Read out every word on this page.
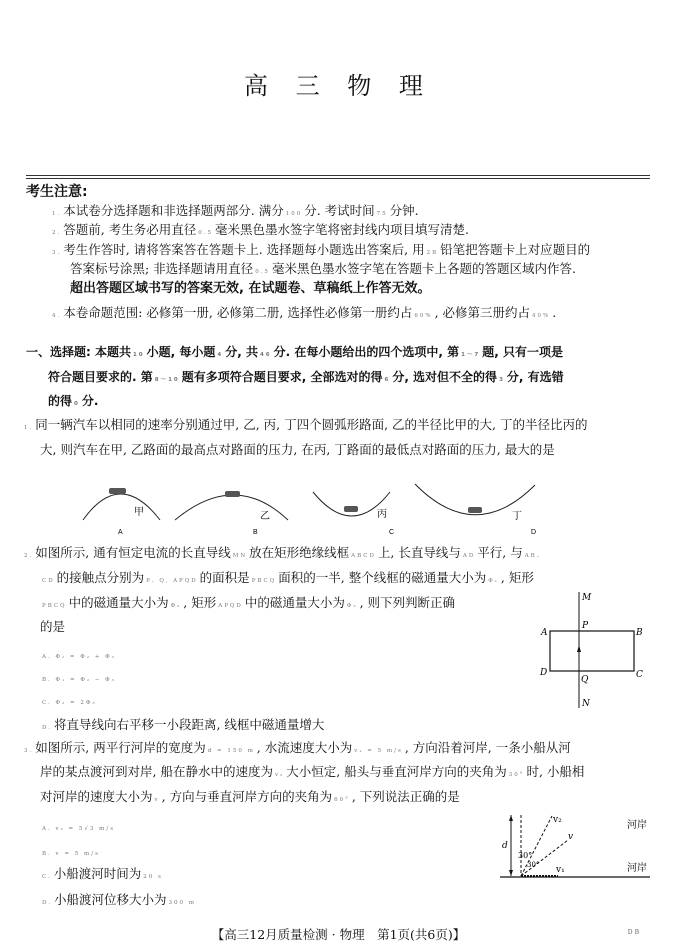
高 三 物 理
考生注意:
1. 本试卷分选择题和非选择题两部分. 满分 100 分. 考试时间 75 分钟.
2. 答题前, 考生务必用直径 0.5 毫米黑色墨水签字笔将密封线内项目填写清楚.
3. 考生作答时, 请将答案答在答题卡上. 选择题每小题选出答案后, 用 2B 铅笔把答题卡上对应题目的
答案标号涂黑; 非选择题请用直径 0.5 毫米黑色墨水签字笔在答题卡上各题的答题区域内作答.
超出答题区域书写的答案无效, 在试题卷、草稿纸上作答无效。
4. 本卷命题范围: 必修第一册, 必修第二册, 选择性必修第一册约占 60% , 必修第三册约占 40% .
一、选择题: 本题共 10 小题, 每小题 4 分, 共 46 分. 在每小题给出的四个选项中, 第 1～7 题, 只有一项是
符合题目要求的. 第 8～10 题有多项符合题目要求, 全部选对的得 6 分, 选对但不全的得 3 分, 有选错
的得 0 分.
1. 同一辆汽车以相同的速率分别通过甲, 乙, 丙, 丁四个圆弧形路面, 乙的半径比甲的大, 丁的半径比丙的
大, 则汽车在甲, 乙路面的最高点对路面的压力, 在丙, 丁路面的最低点对路面的压力, 最大的是
甲	乙	丙	丁
A	B	C	D
2. 如图所示, 通有恒定电流的长直导线 MN 放在矩形绝缘线框 ABCD 上, 长直导线与 AD 平行, 与 AB、
CD 的接触点分别为 P、Q, APQD 的面积是 PBCQ 面积的一半, 整个线框的磁通量大小为 Φ₁ , 矩形
PBCQ 中的磁通量大小为 Φ₂ , 矩形 APQD 中的磁通量大小为 Φ₃ , 则下列判断正确
的是
A. Φ₁ = Φ₂ + Φ₃
B. Φ₁ = Φ₂ − Φ₃
C. Φ₂ = 2Φ₃
D. 将直导线向右平移一小段距离, 线框中磁通量增大
M
P
A	B
D	C
Q
N
3. 如图所示, 两平行河岸的宽度为 d = 150 m , 水流速度大小为 v₁ = 5 m/s , 方向沿着河岸, 一条小船从河
岸的某点渡河到对岸, 船在静水中的速度为 v₂ 大小恒定, 船头与垂直河岸方向的夹角为 30° 时, 小船相
对河岸的速度大小为 v , 方向与垂直河岸方向的夹角为 60° , 下列说法正确的是
A. v₂ = 5√3 m/s
B. v = 5 m/s
C. 小船渡河时间为 20 s
D. 小船渡河位移大小为 300 m
d
v₂
v
v₁
30°
30°
河岸
河岸
【高三12月质量检测 · 物理　第1页(共6页)】	DB
